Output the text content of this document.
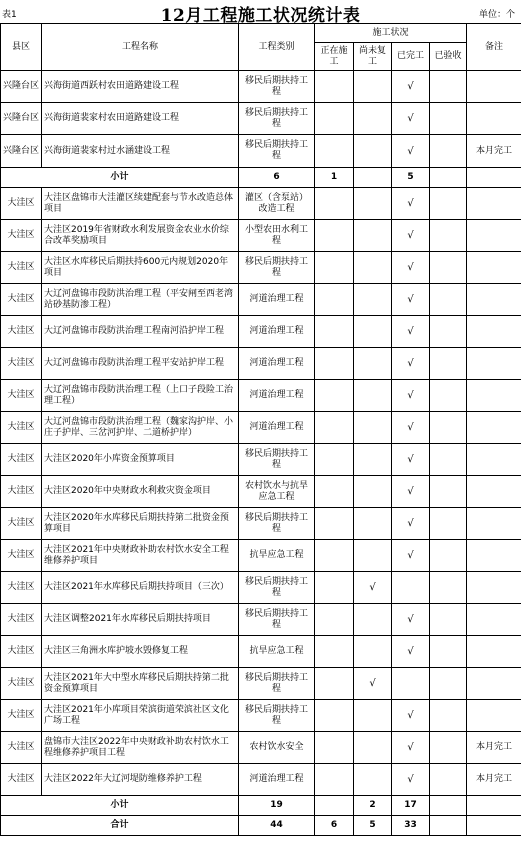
表1	12月工程施工状况统计表	单位：个
县区	工程名称	工程类别	施工状况				备注
			正在施工	尚未复工	已完工	已验收	
兴隆台区	兴海街道西跃村农田道路建设工程	移民后期扶持工程			√		
兴隆台区	兴海街道裴家村农田道路建设工程	移民后期扶持工程			√		
兴隆台区	兴海街道裴家村过水涵建设工程	移民后期扶持工程			√		本月完工
小计		6	1		5		
大洼区	大洼区盘锦市大洼灌区续建配套与节水改造总体项目	灌区（含泵站）改造工程			√		
大洼区	大洼区2019年省财政水利发展资金农业水价综合改革奖励项目	小型农田水利工程			√		
大洼区	大洼区水库移民后期扶持600元内规划2020年项目	移民后期扶持工程			√		
大洼区	大辽河盘锦市段防洪治理工程（平安闸至西老湾站砂基防渗工程）	河道治理工程			√		
大洼区	大辽河盘锦市段防洪治理工程南河沿护岸工程	河道治理工程			√		
大洼区	大辽河盘锦市段防洪治理工程平安站护岸工程	河道治理工程			√		
大洼区	大辽河盘锦市段防洪治理工程（上口子段险工治理工程）	河道治理工程			√		
大洼区	大辽河盘锦市段防洪治理工程（魏家沟护岸、小庄子护岸、三岔河护岸、二道桥护岸）	河道治理工程			√		
大洼区	大洼区2020年小库资金预算项目	移民后期扶持工程			√		
大洼区	大洼区2020年中央财政水利救灾资金项目	农村饮水与抗旱应急工程			√		
大洼区	大洼区2020年水库移民后期扶持第二批资金预算项目	移民后期扶持工程			√		
大洼区	大洼区2021年中央财政补助农村饮水安全工程维修养护项目	抗旱应急工程			√		
大洼区	大洼区2021年水库移民后期扶持项目（三次）	移民后期扶持工程		√			
大洼区	大洼区调整2021年水库移民后期扶持项目	移民后期扶持工程			√		
大洼区	大洼区三角洲水库护坡水毁修复工程	抗旱应急工程			√		
大洼区	大洼区2021年大中型水库移民后期扶持第二批资金预算项目	移民后期扶持工程		√			
大洼区	大洼区2021年小库项目荣滨街道荣滨社区文化广场工程	移民后期扶持工程			√		
大洼区	盘锦市大洼区2022年中央财政补助农村饮水工程维修养护项目工程	农村饮水安全			√		本月完工
大洼区	大洼区2022年大辽河堤防维修养护工程	河道治理工程			√		本月完工
小计		19		2	17		
合计		44	6	5	33		
